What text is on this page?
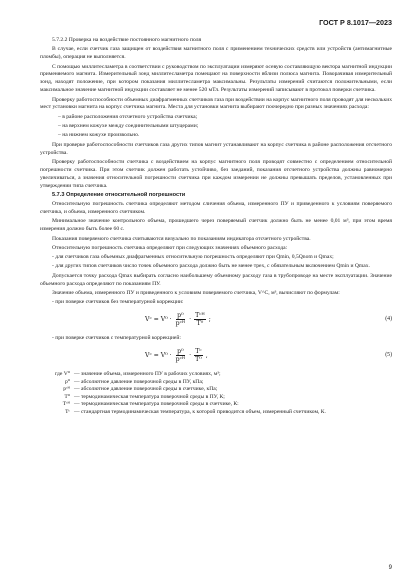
ГОСТ Р 8.1017—2023

5.7.2.2 Проверка на воздействие постоянного магнитного поля

В случае, если счетчик газа защищен от воздействия магнитного поля с применением технических средств или устройств (антимагнитные пломбы), операция не выполняется.

С помощью миллитесламетра в соответствии с руководством по эксплуатации измеряют осевую составляющую вектора магнитной индукции применяемого магнита. Измерительный зонд миллитесламетра помещают на поверхности вблизи полюса магнита. Поворачивая измерительный зонд, находят положение, при котором показания миллитесламетра максимальны. Результаты измерений считаются положительными, если максимальное значение магнитной индукции составляет не менее 520 мТл. Результаты измерений записывают в протокол поверки счетчика.

Проверку работоспособности объемных диафрагменных счетчиков газа при воздействии на корпус магнитного поля проводят для нескольких мест установки магнита на корпус счетчика магнита. Места для установки магнита выбирают поочередно при разных значениях расхода:

– в районе расположения отсчетного устройства счетчика;

– на верхнем кожухе между соединительными штуцерами;

– на нижнем кожухе произвольно.

При проверке работоспособности счетчиков газа других типов магнит устанавливают на корпус счетчика в районе расположения отсчетного устройства.

Проверку работоспособности счетчика с воздействием на корпус магнитного поля проводят совместно с определением относительной погрешности счетчика. При этом счетчик должен работать устойчиво, без заеданий, показания отсчетного устройства должны равномерно увеличиваться, а значения относительной погрешности счетчика при каждом измерении не должны превышать пределов, установленных при утверждении типа счетчика.

5.7.3 Определение относительной погрешности

Относительную погрешность счетчика определяют методом сличения объема, измеренного ПУ и приведенного к условиям поверяемого счетчика, и объема, измеренного счетчиком.

Минимальное значение контрольного объема, прошедшего через поверяемый счетчик должно быть не менее 0,01 м³, при этом время измерения должно быть более 60 с.

Показания поверяемого счетчика считываются визуально по показаниям индикатора отсчетного устройства.

Относительную погрешность счетчика определяют при следующих значениях объемного расхода:

- для счетчиков газа объемных диафрагменных относительную погрешность определяют при Qmin, 0,5Qnom и Qmax;

- для других типов счетчиков число точек объемного расхода должно быть не менее трех, с обязательным включением Qmin и Qmax.

Допускается точку расхода Qmax выбирать согласно наибольшему объемному расходу газа в трубопроводе на месте эксплуатации. Значение объемного расхода определяют по показаниям ПУ.

Значение объема, измеренного ПУ и приведенного к условиям поверяемого счетчика, V^С, м³, вычисляют по формулам:

- при поверке счетчиков без температурной коррекции:

Vᶜ = $V^0 \cdot \frac{\text{p⁰}}{\text{pᶜᴴ}} \cdot \frac{\text{Tᶜᴴ}}{\text{T⁰}}$ ;	(4)

- при поверке счетчиков с температурной коррекцией:

Vᶜ = $V^0 \cdot \frac{\text{p⁰}}{\text{pᶜᴴ}} \cdot \frac{\text{Tᶜ}}{\text{T⁰}}$ ,	(5)
где V⁰ — значение объема, измеренного ПУ в рабочих условиях, м³;
p⁰ — абсолютное давление поверочной среды в ПУ, кПа;
pᶜᴴ — абсолютное давление поверочной среды в счетчике, кПа;
T⁰ — термодинамическая температура поверочной среды в ПУ, К;
Tᶜᴴ — термодинамическая температура поверочной среды в счетчике, К:
Tᶜ — стандартная термодинамическая температура, к которой приводится объем, измеренный счетчиком, К.
9
